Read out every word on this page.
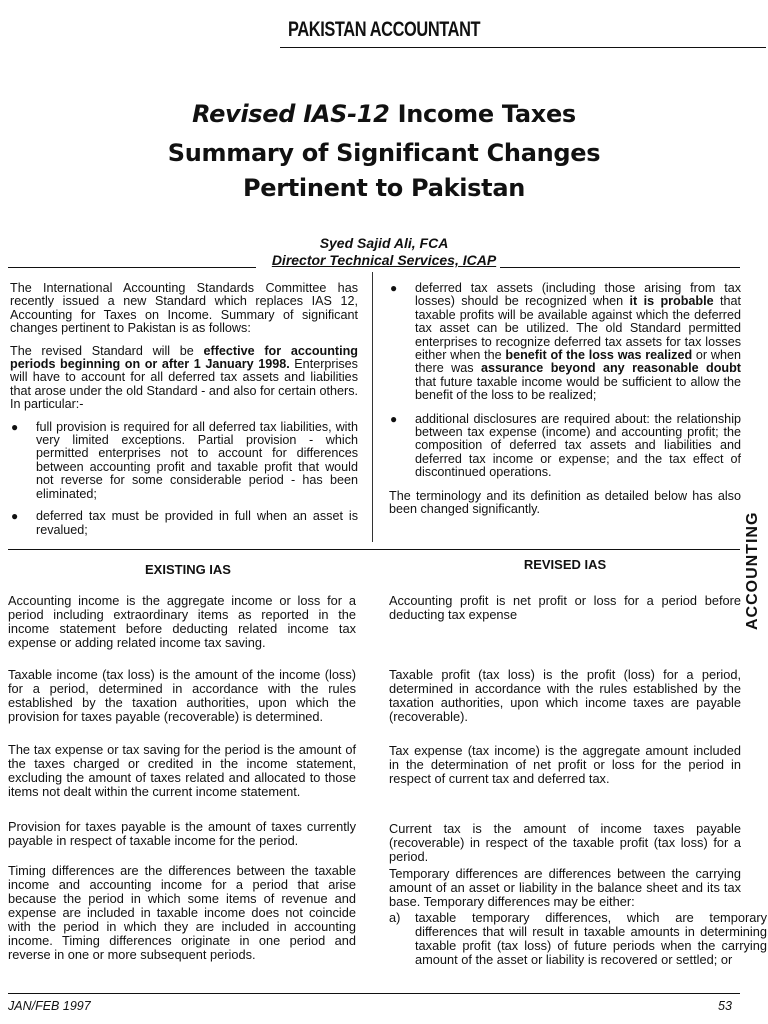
PAKISTAN ACCOUNTANT
Revised IAS-12 Income Taxes
Summary of Significant Changes
Pertinent to Pakistan
Syed Sajid Ali, FCA
Director Technical Services, ICAP

The International Accounting Standards Committee has recently issued a new Standard which replaces IAS 12, Accounting for Taxes on Income. Summary of significant changes pertinent to Pakistan is as follows:

The revised Standard will be effective for accounting periods beginning on or after 1 January 1998. Enterprises will have to account for all deferred tax assets and liabilities that arose under the old Standard - and also for certain others. In particular:-

● full provision is required for all deferred tax liabilities, with very limited exceptions. Partial provision - which permitted enterprises not to account for differences between accounting profit and taxable profit that would not reverse for some considerable period - has been eliminated;
● deferred tax must be provided in full when an asset is revalued;
● deferred tax assets (including those arising from tax losses) should be recognized when it is probable that taxable profits will be available against which the deferred tax asset can be utilized. The old Standard permitted enterprises to recognize deferred tax assets for tax losses either when the benefit of the loss was realized or when there was assurance beyond any reasonable doubt that future taxable income would be sufficient to allow the benefit of the loss to be realized;
● additional disclosures are required about: the relationship between tax expense (income) and accounting profit; the composition of deferred tax assets and liabilities and deferred tax income or expense; and the tax effect of discontinued operations.

The terminology and its definition as detailed below has also been changed significantly.

ACCOUNTING
EXISTING IAS	REVISED IAS

Accounting income is the aggregate income or loss for a period including extraordinary items as reported in the income statement before deducting related income tax expense or adding related income tax saving.

Taxable income (tax loss) is the amount of the income (loss) for a period, determined in accordance with the rules established by the taxation authorities, upon which the provision for taxes payable (recoverable) is determined.

The tax expense or tax saving for the period is the amount of the taxes charged or credited in the income statement, excluding the amount of taxes related and allocated to those items not dealt within the current income statement.

Provision for taxes payable is the amount of taxes currently payable in respect of taxable income for the period.

Timing differences are the differences between the taxable income and accounting income for a period that arise because the period in which some items of revenue and expense are included in taxable income does not coincide with the period in which they are included in accounting income. Timing differences originate in one period and reverse in one or more subsequent periods.

Accounting profit is net profit or loss for a period before deducting tax expense

Taxable profit (tax loss) is the profit (loss) for a period, determined in accordance with the rules established by the taxation authorities, upon which income taxes are payable (recoverable).

Tax expense (tax income) is the aggregate amount included in the determination of net profit or loss for the period in respect of current tax and deferred tax.

Current tax is the amount of income taxes payable (recoverable) in respect of the taxable profit (tax loss) for a period.

Temporary differences are differences between the carrying amount of an asset or liability in the balance sheet and its tax base. Temporary differences may be either:

a) taxable temporary differences, which are temporary differences that will result in taxable amounts in determining taxable profit (tax loss) of future periods when the carrying amount of the asset or liability is recovered or settled; or
JAN/FEB 1997	53
